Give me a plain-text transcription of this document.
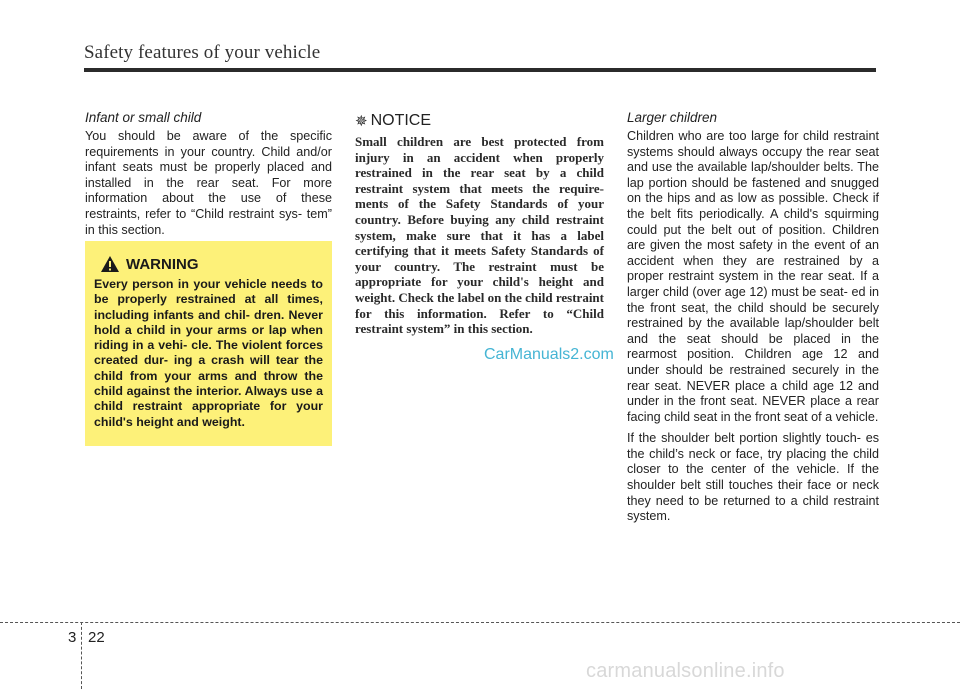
Safety features of your vehicle

Infant or small child

You should be aware of the specific requirements in your country. Child and/or infant seats must be properly placed and installed in the rear seat. For more information about the use of these restraints, refer to “Child restraint sys- tem” in this section.

WARNING

Every person in your vehicle needs to be properly restrained at all times, including infants and chil- dren. Never hold a child in your arms or lap when riding in a vehi- cle. The violent forces created dur- ing a crash will tear the child from your arms and throw the child against the interior. Always use a child restraint appropriate for your child's height and weight.

✵ NOTICE

Small children are best protected from injury in an accident when properly restrained in the rear seat by a child restraint system that meets the require- ments of the Safety Standards of your country. Before buying any child restraint system, make sure that it has a label certifying that it meets Safety Standards of your country. The restraint must be appropriate for your child's height and weight. Check the label on the child restraint for this information. Refer to “Child restraint system” in this section.

CarManuals2.com

Larger children

Children who are too large for child restraint systems should always occupy the rear seat and use the available lap/shoulder belts. The lap portion should be fastened and snugged on the hips and as low as possible. Check if the belt fits periodically. A child's squirming could put the belt out of position. Children are given the most safety in the event of an accident when they are restrained by a proper restraint system in the rear seat. If a larger child (over age 12) must be seat- ed in the front seat, the child should be securely restrained by the available lap/shoulder belt and the seat should be placed in the rearmost position. Children age 12 and under should be restrained securely in the rear seat. NEVER place a child age 12 and under in the front seat. NEVER place a rear facing child seat in the front seat of a vehicle.

If the shoulder belt portion slightly touch- es the child’s neck or face, try placing the child closer to the center of the vehicle. If the shoulder belt still touches their face or neck they need to be returned to a child restraint system.

3 22
carmanualsonline.info
